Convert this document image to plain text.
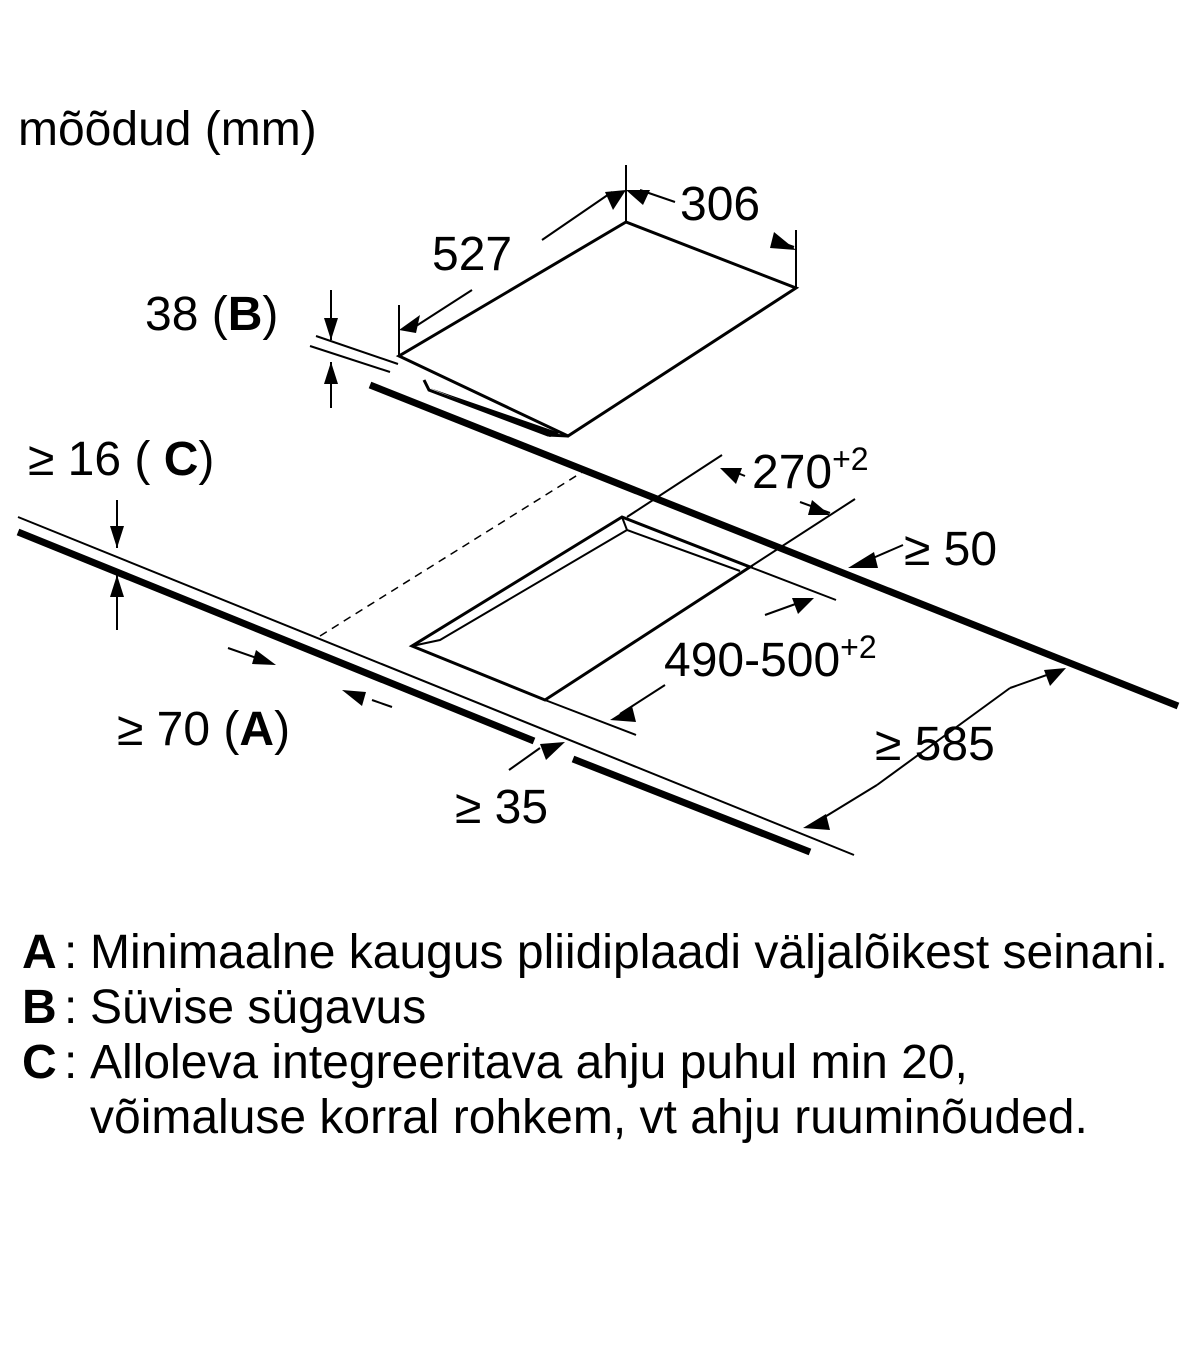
mõõdud (mm)
306
527
38 (B)
≥ 16 ( C)	$270^{+2}$
≥ 50
$490-500^{+2}$
≥ 70 (A)
≥ 35
≥ 585
A : Minimaalne kaugus pliidiplaadi väljalõikest seinani.
B : Süvise sügavus
C : Alloleva integreeritava ahju puhul min 20, võimaluse korral rohkem, vt ahju ruuminõuded.
